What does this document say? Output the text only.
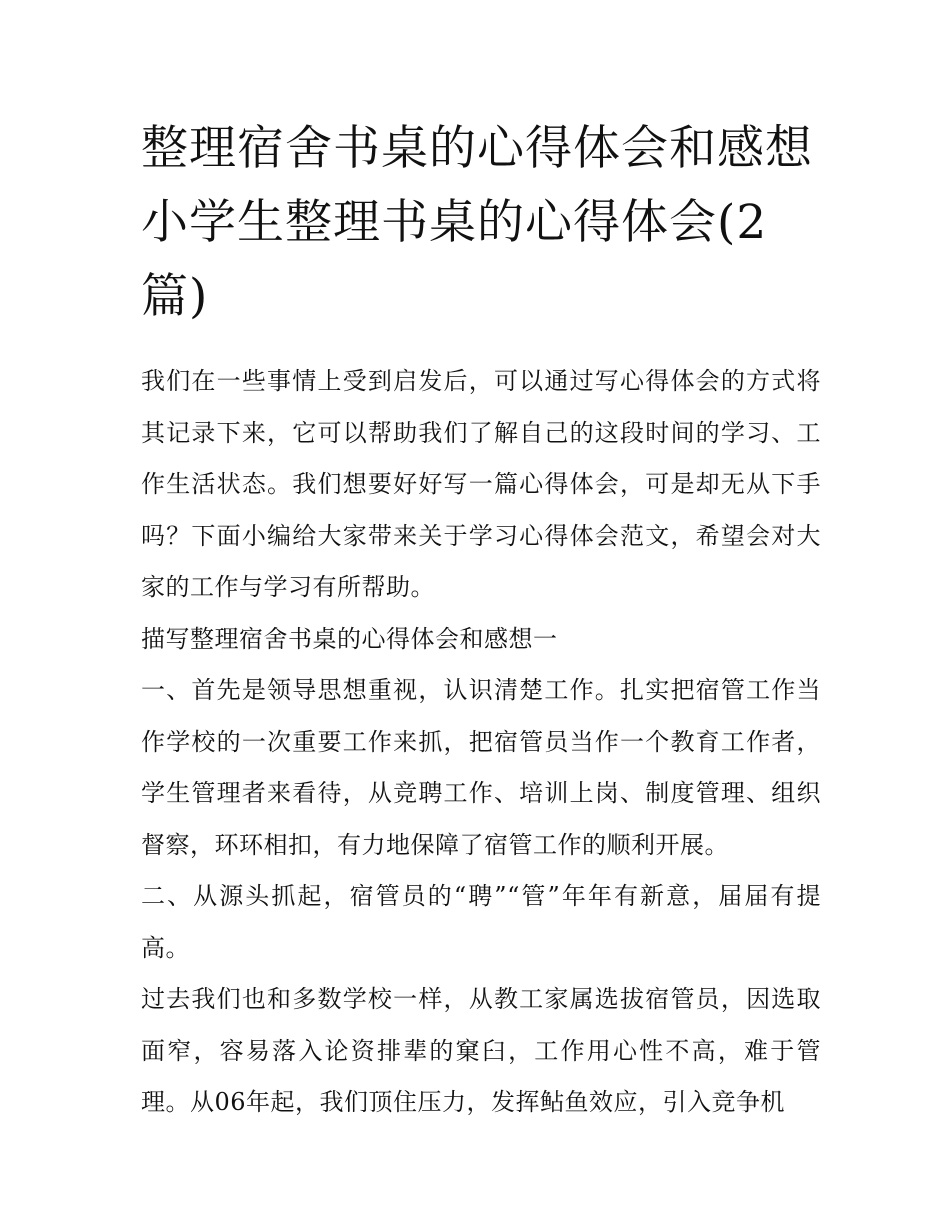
整理宿舍书桌的心得体会和感想 小学生整理书桌的心得体会(2篇)

我们在一些事情上受到启发后，可以通过写心得体会的方式将其记录下来，它可以帮助我们了解自己的这段时间的学习、工作生活状态。我们想要好好写一篇心得体会，可是却无从下手吗？下面小编给大家带来关于学习心得体会范文，希望会对大家的工作与学习有所帮助。

描写整理宿舍书桌的心得体会和感想一

一、首先是领导思想重视，认识清楚工作。扎实把宿管工作当作学校的一次重要工作来抓，把宿管员当作一个教育工作者，学生管理者来看待，从竞聘工作、培训上岗、制度管理、组织督察，环环相扣，有力地保障了宿管工作的顺利开展。

二、从源头抓起，宿管员的“聘”“管”年年有新意，届届有提高。

过去我们也和多数学校一样，从教工家属选拔宿管员，因选取面窄，容易落入论资排辈的窠臼，工作用心性不高，难于管理。从06年起，我们顶住压力，发挥鲇鱼效应，引入竞争机
